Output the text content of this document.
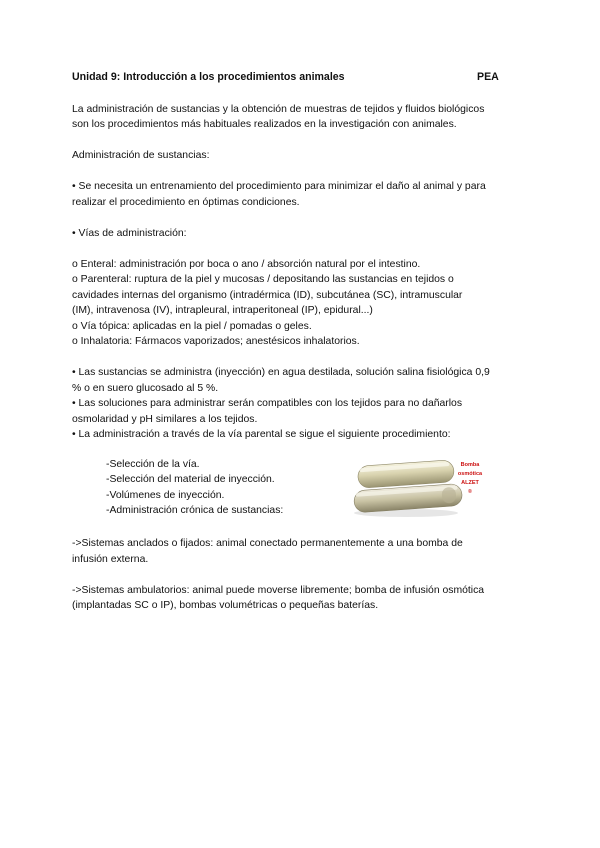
Unidad 9: Introducción a los procedimientos animales	PEA

La administración de sustancias y la obtención de muestras de tejidos y fluidos biológicos

son los procedimientos más habituales realizados en la investigación con animales.

Administración de sustancias:

• Se necesita un entrenamiento del procedimiento para minimizar el daño al animal y para

realizar el procedimiento en óptimas condiciones.

• Vías de administración:

o Enteral: administración por boca o ano / absorción natural por el intestino.

o Parenteral: ruptura de la piel y mucosas / depositando las sustancias en tejidos o

cavidades internas del organismo (intradérmica (ID), subcutánea (SC), intramuscular

(IM), intravenosa (IV), intrapleural, intraperitoneal (IP), epidural...)

o Vía tópica: aplicadas en la piel / pomadas o geles.

o Inhalatoria: Fármacos vaporizados; anestésicos inhalatorios.

• Las sustancias se administra (inyección) en agua destilada, solución salina fisiológica 0,9

% o en suero glucosado al 5 %.

• Las soluciones para administrar serán compatibles con los tejidos para no dañarlos

osmolaridad y pH similares a los tejidos.

• La administración a través de la vía parental se sigue el siguiente procedimiento:

-Selección de la vía.

-Selección del material de inyección.

-Volúmenes de inyección.

-Administración crónica de sustancias:

Bomba
osmótica
ALZET
®

->Sistemas anclados o fijados: animal conectado permanentemente a una bomba de

infusión externa.

->Sistemas ambulatorios: animal puede moverse libremente; bomba de infusión osmótica

(implantadas SC o IP), bombas volumétricas o pequeñas baterías.
